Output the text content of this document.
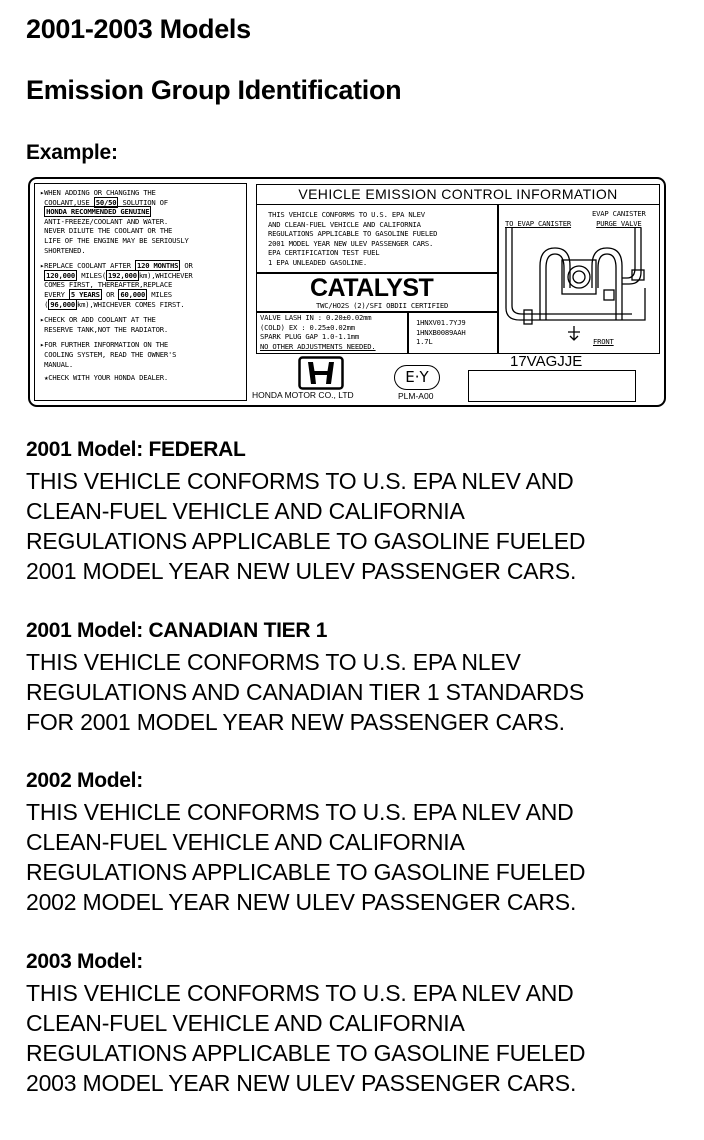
2001-2003 Models
Emission Group Identification
Example:
▸WHEN ADDING OR CHANGING THE
COOLANT,USE 50/50 SOLUTION OF
HONDA RECOMMENDED GENUINE
ANTI-FREEZE/COOLANT AND WATER.
NEVER DILUTE THE COOLANT OR THE
LIFE OF THE ENGINE MAY BE SERIOUSLY
SHORTENED.
▸REPLACE COOLANT AFTER 120 MONTHS OR
120,000 MILES( 192,000 km),WHICHEVER
COMES FIRST, THEREAFTER,REPLACE
EVERY 5 YEARS OR 60,000 MILES
( 96,000 km),WHICHEVER COMES FIRST.
▸CHECK OR ADD COOLANT AT THE
RESERVE TANK,NOT THE RADIATOR.
▸FOR FURTHER INFORMATION ON THE
COOLING SYSTEM, READ THE OWNER'S
MANUAL.
★CHECK WITH YOUR HONDA DEALER.
VEHICLE EMISSION CONTROL INFORMATION
THIS VEHICLE CONFORMS TO U.S. EPA NLEV
AND CLEAN-FUEL VEHICLE AND CALIFORNIA
REGULATIONS APPLICABLE TO GASOLINE FUELED
2001 MODEL YEAR NEW ULEV PASSENGER CARS.
EPA CERTIFICATION TEST FUEL
1 EPA UNLEADED GASOLINE.
CATALYST
TWC/HO2S (2)/SFI OBDII CERTIFIED
VALVE LASH IN : 0.20±0.02mm
(COLD) EX : 0.25±0.02mm
SPARK PLUG GAP 1.0-1.1mm
NO OTHER ADJUSTMENTS NEEDED.
1HNXV01.7YJ9
1HNXB0089AAH
1.7L
TO EVAP CANISTER
EVAP CANISTER
PURGE VALVE
FRONT
HONDA MOTOR CO., LTD
E·Y
PLM-A00
17VAGJJE
2001 Model: FEDERAL
THIS VEHICLE CONFORMS TO U.S. EPA NLEV AND
CLEAN-FUEL VEHICLE AND CALIFORNIA
REGULATIONS APPLICABLE TO GASOLINE FUELED
2001 MODEL YEAR NEW ULEV PASSENGER CARS.
2001 Model: CANADIAN TIER 1
THIS VEHICLE CONFORMS TO U.S. EPA NLEV
REGULATIONS AND CANADIAN TIER 1 STANDARDS
FOR 2001 MODEL YEAR NEW PASSENGER CARS.
2002 Model:
THIS VEHICLE CONFORMS TO U.S. EPA NLEV AND
CLEAN-FUEL VEHICLE AND CALIFORNIA
REGULATIONS APPLICABLE TO GASOLINE FUELED
2002 MODEL YEAR NEW ULEV PASSENGER CARS.
2003 Model:
THIS VEHICLE CONFORMS TO U.S. EPA NLEV AND
CLEAN-FUEL VEHICLE AND CALIFORNIA
REGULATIONS APPLICABLE TO GASOLINE FUELED
2003 MODEL YEAR NEW ULEV PASSENGER CARS.
